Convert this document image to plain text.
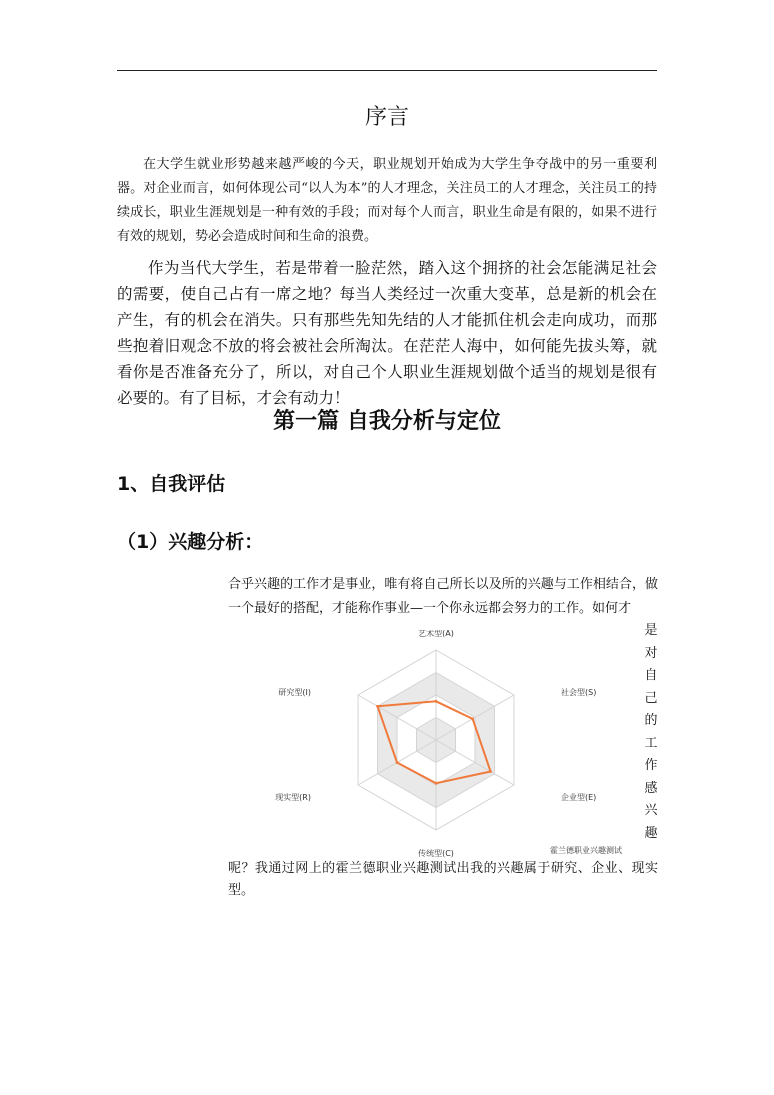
序言

在大学生就业形势越来越严峻的今天，职业规划开始成为大学生争夺战中的另一重要利器。对企业而言，如何体现公司“以人为本”的人才理念，关注员工的人才理念，关注员工的持续成长，职业生涯规划是一种有效的手段；而对每个人而言，职业生命是有限的，如果不进行有效的规划，势必会造成时间和生命的浪费。

作为当代大学生，若是带着一脸茫然，踏入这个拥挤的社会怎能满足社会的需要，使自己占有一席之地？每当人类经过一次重大变革，总是新的机会在产生，有的机会在消失。只有那些先知先结的人才能抓住机会走向成功，而那些抱着旧观念不放的将会被社会所淘汰。在茫茫人海中，如何能先拔头筹，就看你是否准备充分了，所以，对自己个人职业生涯规划做个适当的规划是很有必要的。有了目标，才会有动力！

第一篇 自我分析与定位
1、自我评估
（1）兴趣分析：

合乎兴趣的工作才是事业，唯有将自己所长以及所的兴趣与工作相结合，做一个最好的搭配，才能称作事业—一个你永远都会努力的工作。如何才

是
对
自
己
的
工
作
感
兴
趣

呢？我通过网上的霍兰德职业兴趣测试出我的兴趣属于研究、企业、现实型。

艺术型(A)
社会型(S)
企业型(E)
传统型(C)
现实型(R)
研究型(I)
霍兰德职业兴趣测试
